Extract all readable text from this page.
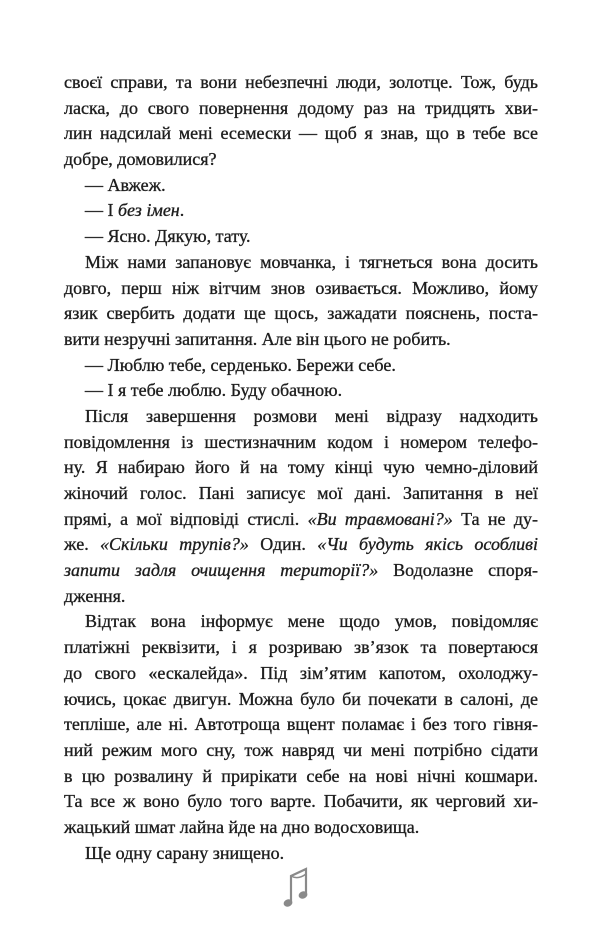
своєї справи, та вони небезпечні люди, золотце. Тож, будь
ласка, до свого повернення додому раз на тридцять хви-
лин надсилай мені есемески — щоб я знав, що в тебе все
добре, домовилися?
— Авжеж.
— І без імен.
— Ясно. Дякую, тату.
Між нами запановує мовчанка, і тягнеться вона досить
довго, перш ніж вітчим знов озивається. Можливо, йому
язик свербить додати ще щось, зажадати пояснень, поста-
вити незручні запитання. Але він цього не робить.
— Люблю тебе, серденько. Бережи себе.
— І я тебе люблю. Буду обачною.
Після завершення розмови мені відразу надходить
повідомлення із шестизначним кодом і номером телефо-
ну. Я набираю його й на тому кінці чую чемно-діловий
жіночий голос. Пані записує мої дані. Запитання в неї
прямі, а мої відповіді стислі. «Ви травмовані?» Та не ду-
же. «Скільки трупів?» Один. «Чи будуть якісь особливі
запити задля очищення території?» Водолазне споря-
дження.
Відтак вона інформує мене щодо умов, повідомляє
платіжні реквізити, і я розриваю зв’язок та повертаюся
до свого «ескалейда». Під зім’ятим капотом, охолоджу-
ючись, цокає двигун. Можна було би почекати в салоні, де
тепліше, але ні. Автотроща вщент поламає і без того гівня-
ний режим мого сну, тож навряд чи мені потрібно сідати
в цю розвалину й прирікати себе на нові нічні кошмари.
Та все ж воно було того варте. Побачити, як черговий хи-
жацький шмат лайна йде на дно водосховища.
Ще одну сарану знищено.
